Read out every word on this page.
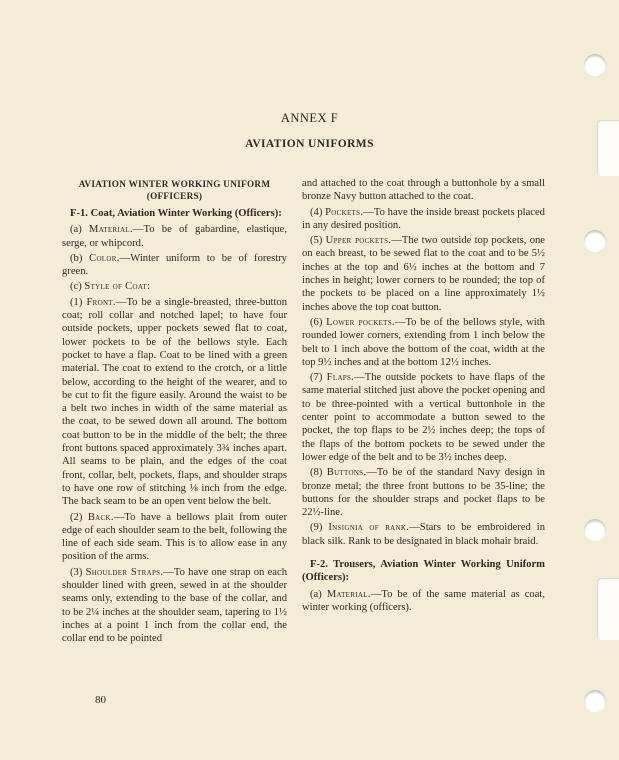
ANNEX F
AVIATION UNIFORMS
AVIATION WINTER WORKING UNIFORM
(OFFICERS)
F-1. Coat, Aviation Winter Working (Officers):

(a) Material.—To be of gabardine, elastique, serge, or whipcord.

(b) Color.—Winter uniform to be of forestry green.

(c) Style of Coat:

(1) Front.—To be a single-breasted, three-button coat; roll collar and notched lapel; to have four outside pockets, upper pockets sewed flat to coat, lower pockets to be of the bellows style. Each pocket to have a flap. Coat to be lined with a green material. The coat to extend to the crotch, or a little below, according to the height of the wearer, and to be cut to fit the figure easily. Around the waist to be a belt two inches in width of the same material as the coat, to be sewed down all around. The bottom coat button to be in the middle of the belt; the three front buttons spaced approximately 3¾ inches apart. All seams to be plain, and the edges of the coat front, collar, belt, pockets, flaps, and shoulder straps to have one row of stitching ⅛ inch from the edge. The back seam to be an open vent below the belt.

(2) Back.—To have a bellows plait from outer edge of each shoulder seam to the belt, following the line of each side seam. This is to allow ease in any position of the arms.

(3) Shoulder Straps.—To have one strap on each shoulder lined with green, sewed in at the shoulder seams only, extending to the base of the collar, and to be 2¼ inches at the shoulder seam, tapering to 1½ inches at a point 1 inch from the collar end, the collar end to be pointed

80

and attached to the coat through a buttonhole by a small bronze Navy button attached to the coat.

(4) Pockets.—To have the inside breast pockets placed in any desired position.

(5) Upper pockets.—The two outside top pockets, one on each breast, to be sewed flat to the coat and to be 5½ inches at the top and 6½ inches at the bottom and 7 inches in height; lower corners to be rounded; the top of the pockets to be placed on a line approximately 1½ inches above the top coat button.

(6) Lower pockets.—To be of the bellows style, with rounded lower corners, extending from 1 inch below the belt to 1 inch above the bottom of the coat, width at the top 9½ inches and at the bottom 12½ inches.

(7) Flaps.—The outside pockets to have flaps of the same material stitched just above the pocket opening and to be three-pointed with a vertical buttonhole in the center point to accommodate a button sewed to the pocket, the top flaps to be 2½ inches deep; the tops of the flaps of the bottom pockets to be sewed under the lower edge of the belt and to be 3½ inches deep.

(8) Buttons.—To be of the standard Navy design in bronze metal; the three front buttons to be 35-line; the buttons for the shoulder straps and pocket flaps to be 22½-line.

(9) Insignia of rank.—Stars to be embroidered in black silk. Rank to be designated in black mohair braid.

F-2. Trousers, Aviation Winter Working Uniform (Officers):

(a) Material.—To be of the same material as coat, winter working (officers).
